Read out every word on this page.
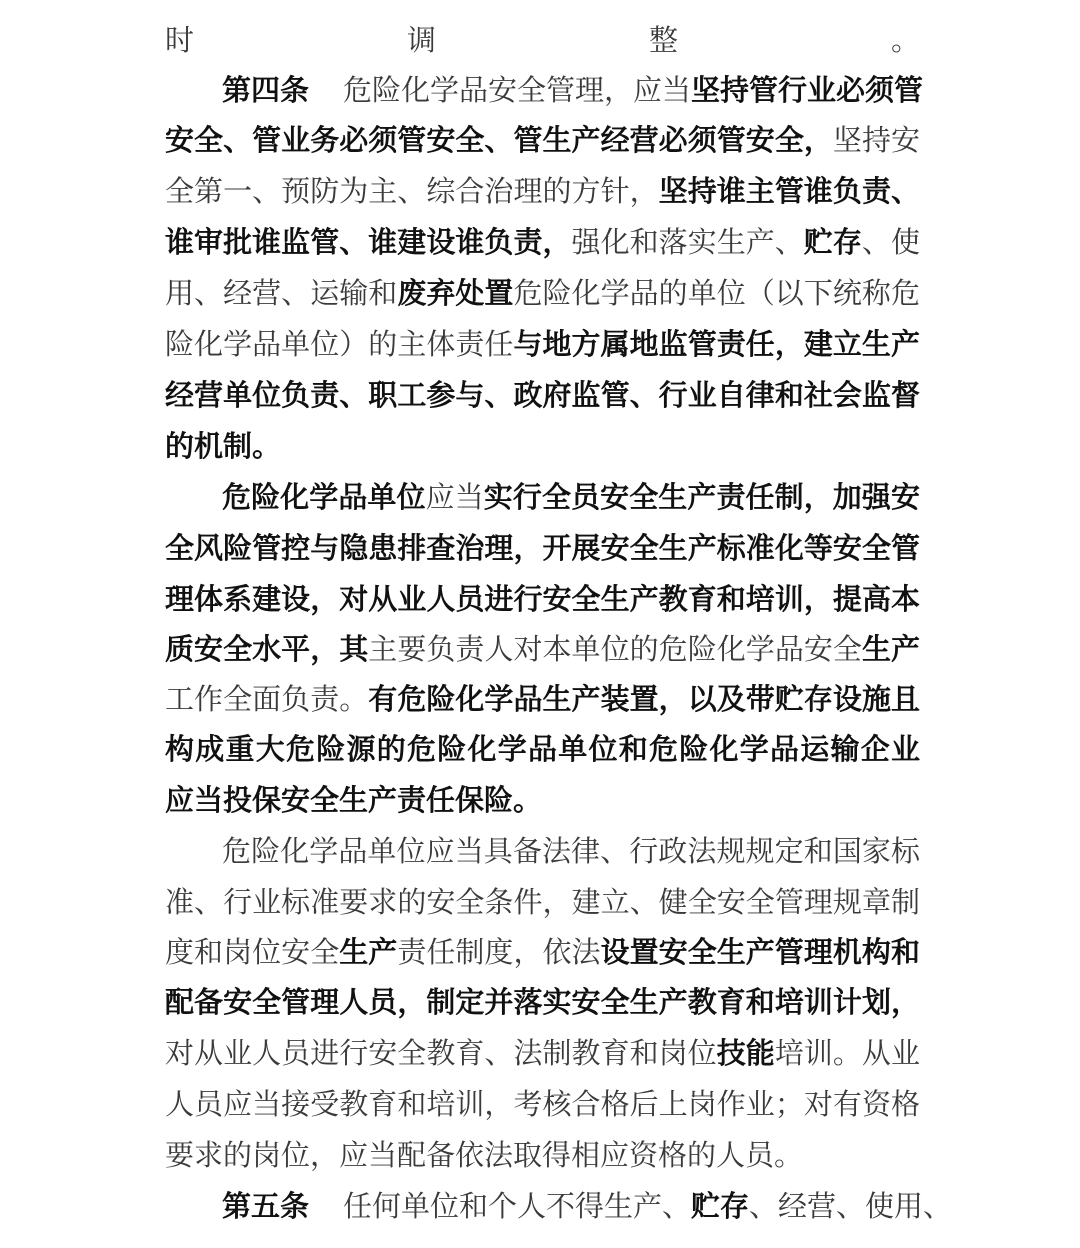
时调整。
第四条 危险化学品安全管理，应当坚持管行业必须管
安全、管业务必须管安全、管生产经营必须管安全，坚持安
全第一、预防为主、综合治理的方针，坚持谁主管谁负责、
谁审批谁监管、谁建设谁负责，强化和落实生产、贮存、使
用、经营、运输和废弃处置危险化学品的单位（以下统称危
险化学品单位）的主体责任与地方属地监管责任，建立生产
经营单位负责、职工参与、政府监管、行业自律和社会监督
的机制。
危险化学品单位应当实行全员安全生产责任制，加强安
全风险管控与隐患排查治理，开展安全生产标准化等安全管
理体系建设，对从业人员进行安全生产教育和培训，提高本
质安全水平，其主要负责人对本单位的危险化学品安全生产
工作全面负责。有危险化学品生产装置，以及带贮存设施且
构成重大危险源的危险化学品单位和危险化学品运输企业
应当投保安全生产责任保险。
危险化学品单位应当具备法律、行政法规规定和国家标
准、行业标准要求的安全条件，建立、健全安全管理规章制
度和岗位安全生产责任制度，依法设置安全生产管理机构和
配备安全管理人员，制定并落实安全生产教育和培训计划，
对从业人员进行安全教育、法制教育和岗位技能培训。从业
人员应当接受教育和培训，考核合格后上岗作业；对有资格
要求的岗位，应当配备依法取得相应资格的人员。
第五条 任何单位和个人不得生产、贮存、经营、使用、
